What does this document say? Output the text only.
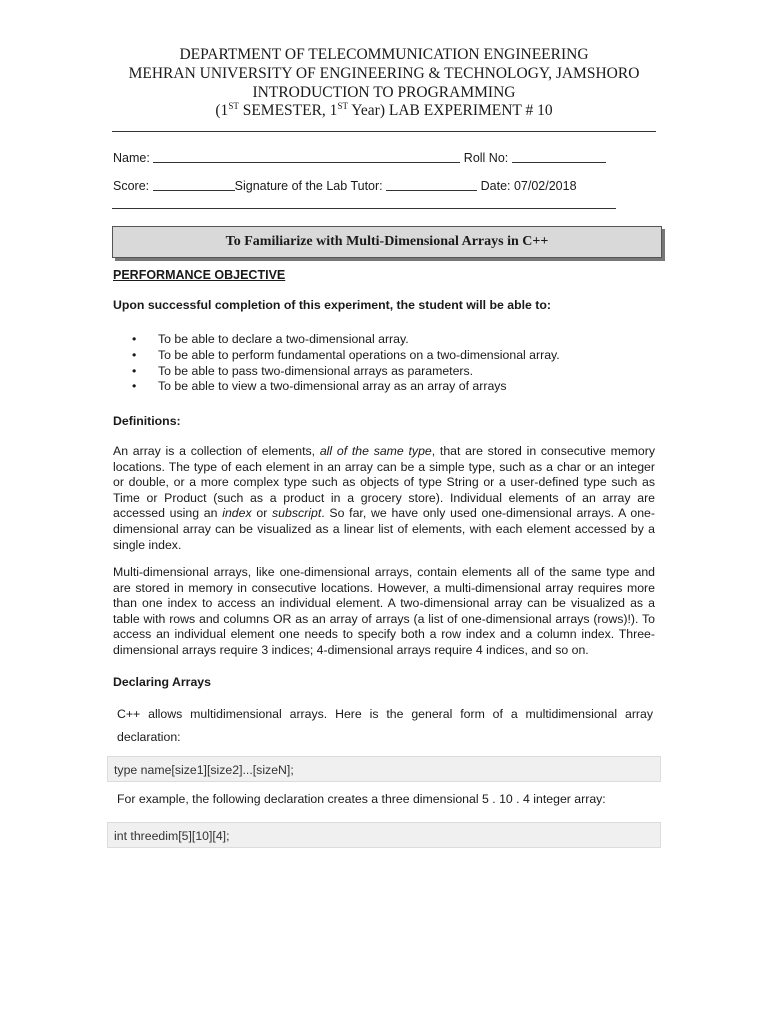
DEPARTMENT OF TELECOMMUNICATION ENGINEERING
MEHRAN UNIVERSITY OF ENGINEERING & TECHNOLOGY, JAMSHORO
INTRODUCTION TO PROGRAMMING
(1ST SEMESTER, 1ST Year) LAB EXPERIMENT # 10
Name:	Roll No:
Score:	Signature of the Lab Tutor:	Date: 07/02/2018
To Familiarize with Multi-Dimensional Arrays in C++
PERFORMANCE OBJECTIVE
Upon successful completion of this experiment, the student will be able to:
• To be able to declare a two-dimensional array.
• To be able to perform fundamental operations on a two-dimensional array.
• To be able to pass two-dimensional arrays as parameters.
• To be able to view a two-dimensional array as an array of arrays
Definitions:
An array is a collection of elements, all of the same type, that are stored in consecutive memory locations. The type of each element in an array can be a simple type, such as a char or an integer or double, or a more complex type such as objects of type String or a user-defined type such as Time or Product (such as a product in a grocery store). Individual elements of an array are accessed using an index or subscript. So far, we have only used one-dimensional arrays. A one-dimensional array can be visualized as a linear list of elements, with each element accessed by a single index.
Multi-dimensional arrays, like one-dimensional arrays, contain elements all of the same type and are stored in memory in consecutive locations. However, a multi-dimensional array requires more than one index to access an individual element. A two-dimensional array can be visualized as a table with rows and columns OR as an array of arrays (a list of one-dimensional arrays (rows)!). To access an individual element one needs to specify both a row index and a column index. Three-dimensional arrays require 3 indices; 4-dimensional arrays require 4 indices, and so on.
Declaring Arrays
C++ allows multidimensional arrays. Here is the general form of a multidimensional array declaration:
type name[size1][size2]...[sizeN];
For example, the following declaration creates a three dimensional 5 . 10 . 4 integer array:
int threedim[5][10][4];
